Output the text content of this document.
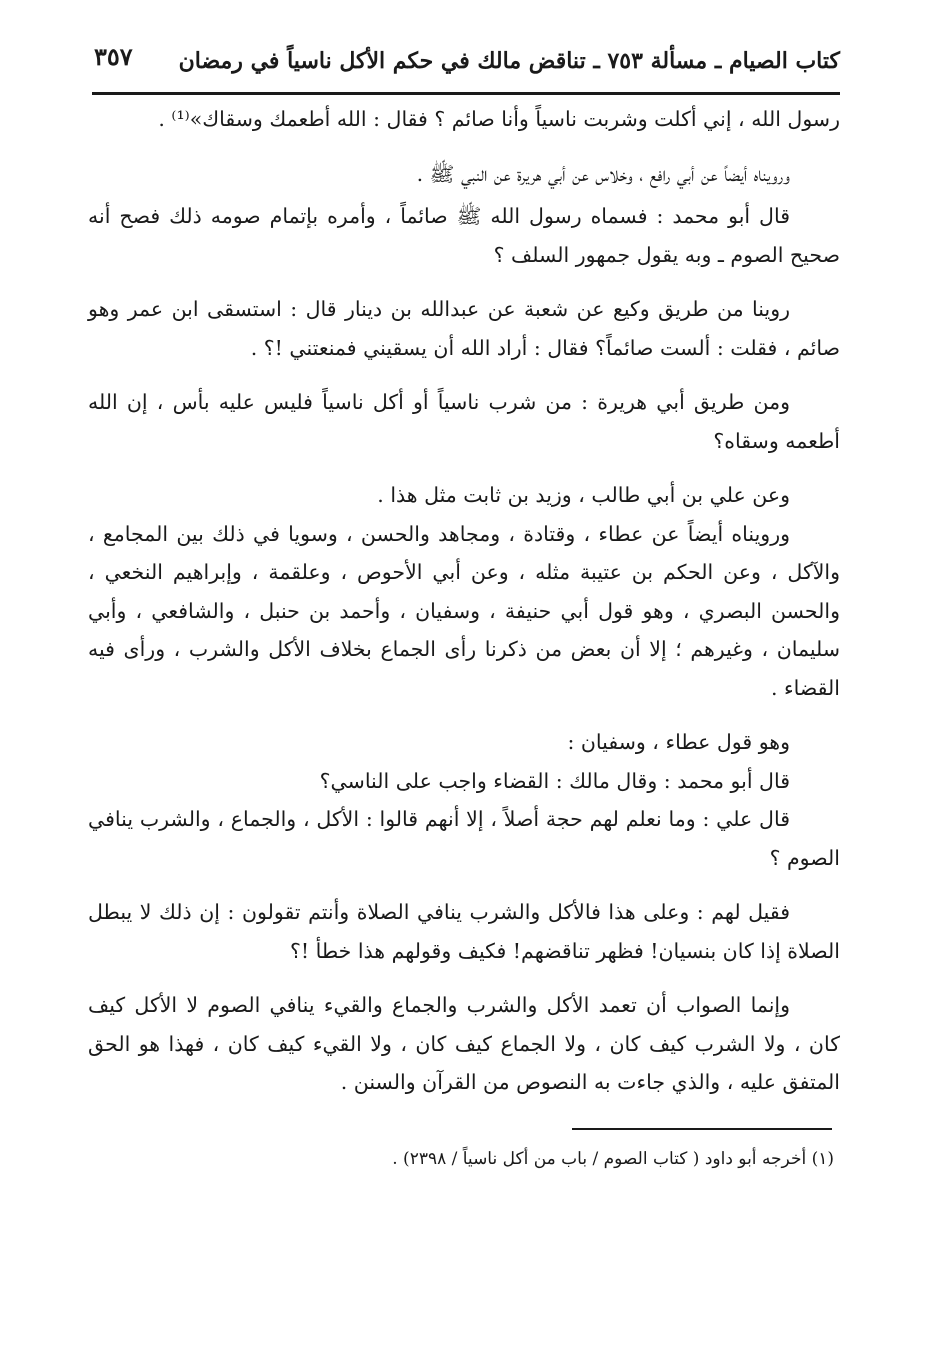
كتاب الصيام ـ مسألة ٧٥٣ ـ تناقض مالك في حكم الأكل ناسياً في رمضان
٣٥٧

رسول الله ، إني أكلت وشربت ناسياً وأنا صائم ؟ فقال : الله أطعمك وسقاك»⁽¹⁾ .

ورويناه أيضاً عن أبي رافع ، وخلاس عن أبي هريرة عن النبي ﷺ .

قال أبو محمد : فسماه رسول الله ﷺ صائماً ، وأمره بإتمام صومه ذلك فصح أنه صحيح الصوم ـ وبه يقول جمهور السلف ؟

روينا من طريق وكيع عن شعبة عن عبدالله بن دينار قال : استسقى ابن عمر وهو صائم ، فقلت : ألست صائماً؟ فقال : أراد الله أن يسقيني فمنعتني !؟ .

ومن طريق أبي هريرة : من شرب ناسياً أو أكل ناسياً فليس عليه بأس ، إن الله أطعمه وسقاه؟

وعن علي بن أبي طالب ، وزيد بن ثابت مثل هذا .

ورويناه أيضاً عن عطاء ، وقتادة ، ومجاهد والحسن ، وسويا في ذلك بين المجامع ، والآكل ، وعن الحكم بن عتيبة مثله ، وعن أبي الأحوص ، وعلقمة ، وإبراهيم النخعي ، والحسن البصري ، وهو قول أبي حنيفة ، وسفيان ، وأحمد بن حنبل ، والشافعي ، وأبي سليمان ، وغيرهم ؛ إلا أن بعض من ذكرنا رأى الجماع بخلاف الأكل والشرب ، ورأى فيه القضاء .

وهو قول عطاء ، وسفيان :

قال أبو محمد : وقال مالك : القضاء واجب على الناسي؟

قال علي : وما نعلم لهم حجة أصلاً ، إلا أنهم قالوا : الأكل ، والجماع ، والشرب ينافي الصوم ؟

فقيل لهم : وعلى هذا فالأكل والشرب ينافي الصلاة وأنتم تقولون : إن ذلك لا يبطل الصلاة إذا كان بنسيان! فظهر تناقضهم! فكيف وقولهم هذا خطأ !؟

وإنما الصواب أن تعمد الأكل والشرب والجماع والقيء ينافي الصوم لا الأكل كيف كان ، ولا الشرب كيف كان ، ولا الجماع كيف كان ، ولا القيء كيف كان ، فهذا هو الحق المتفق عليه ، والذي جاءت به النصوص من القرآن والسنن .

(١) أخرجه أبو داود ( كتاب الصوم / باب من أكل ناسياً / ٢٣٩٨) .
